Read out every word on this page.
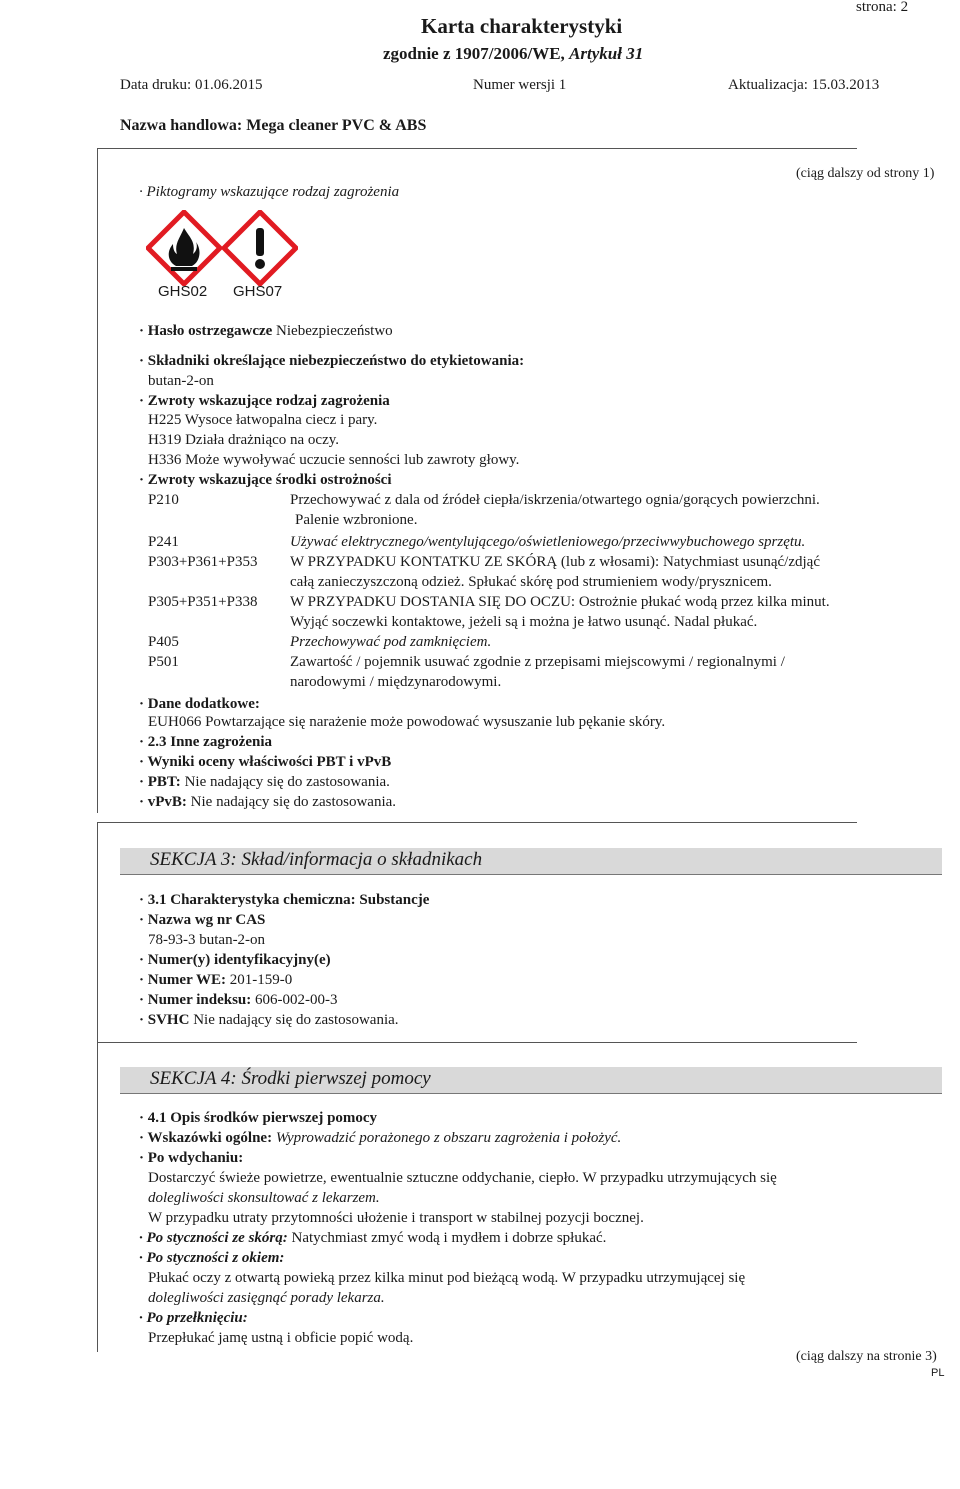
strona: 2
Karta charakterystyki
zgodnie z 1907/2006/WE, Artykuł 31
Data druku: 01.06.2015	Numer wersji 1	Aktualizacja: 15.03.2013
Nazwa handlowa: Mega cleaner PVC & ABS
(ciąg dalszy od strony 1)
· Piktogramy wskazujące rodzaj zagrożenia
GHS02 GHS07
· Hasło ostrzegawcze Niebezpieczeństwo
· Składniki określające niebezpieczeństwo do etykietowania:
butan-2-on
· Zwroty wskazujące rodzaj zagrożenia
H225 Wysoce łatwopalna ciecz i pary.
H319 Działa drażniąco na oczy.
H336 Może wywoływać uczucie senności lub zawroty głowy.
· Zwroty wskazujące środki ostrożności
P210	Przechowywać z dala od źródeł ciepła/iskrzenia/otwartego ognia/gorących powierzchni.
Palenie wzbronione.
P241	Używać elektrycznego/wentylującego/oświetleniowego/przeciwwybuchowego sprzętu.
P303+P361+P353 W PRZYPADKU KONTATKU ZE SKÓRĄ (lub z włosami): Natychmiast usunąć/zdjąć
całą zanieczyszczoną odzież. Spłukać skórę pod strumieniem wody/prysznicem.
P305+P351+P338 W PRZYPADKU DOSTANIA SIĘ DO OCZU: Ostrożnie płukać wodą przez kilka minut.
Wyjąć soczewki kontaktowe, jeżeli są i można je łatwo usunąć. Nadal płukać.
P405	Przechowywać pod zamknięciem.
P501	Zawartość / pojemnik usuwać zgodnie z przepisami miejscowymi / regionalnymi /
narodowymi / międzynarodowymi.
· Dane dodatkowe:
EUH066 Powtarzające się narażenie może powodować wysuszanie lub pękanie skóry.
· 2.3 Inne zagrożenia
· Wyniki oceny właściwości PBT i vPvB
· PBT: Nie nadający się do zastosowania.
· vPvB: Nie nadający się do zastosowania.
SEKCJA 3: Skład/informacja o składnikach
· 3.1 Charakterystyka chemiczna: Substancje
· Nazwa wg nr CAS
78-93-3 butan-2-on
· Numer(y) identyfikacyjny(e)
· Numer WE: 201-159-0
· Numer indeksu: 606-002-00-3
· SVHC Nie nadający się do zastosowania.
SEKCJA 4: Środki pierwszej pomocy
· 4.1 Opis środków pierwszej pomocy
· Wskazówki ogólne: Wyprowadzić porażonego z obszaru zagrożenia i położyć.
· Po wdychaniu:
Dostarczyć świeże powietrze, ewentualnie sztuczne oddychanie, ciepło. W przypadku utrzymujących się
dolegliwości skonsultować z lekarzem.
W przypadku utraty przytomności ułożenie i transport w stabilnej pozycji bocznej.
· Po styczności ze skórą: Natychmiast zmyć wodą i mydłem i dobrze spłukać.
· Po styczności z okiem:
Płukać oczy z otwartą powieką przez kilka minut pod bieżącą wodą. W przypadku utrzymującej się
dolegliwości zasięgnąć porady lekarza.
· Po przełknięciu:
Przepłukać jamę ustną i obficie popić wodą.
(ciąg dalszy na stronie 3)
PL
